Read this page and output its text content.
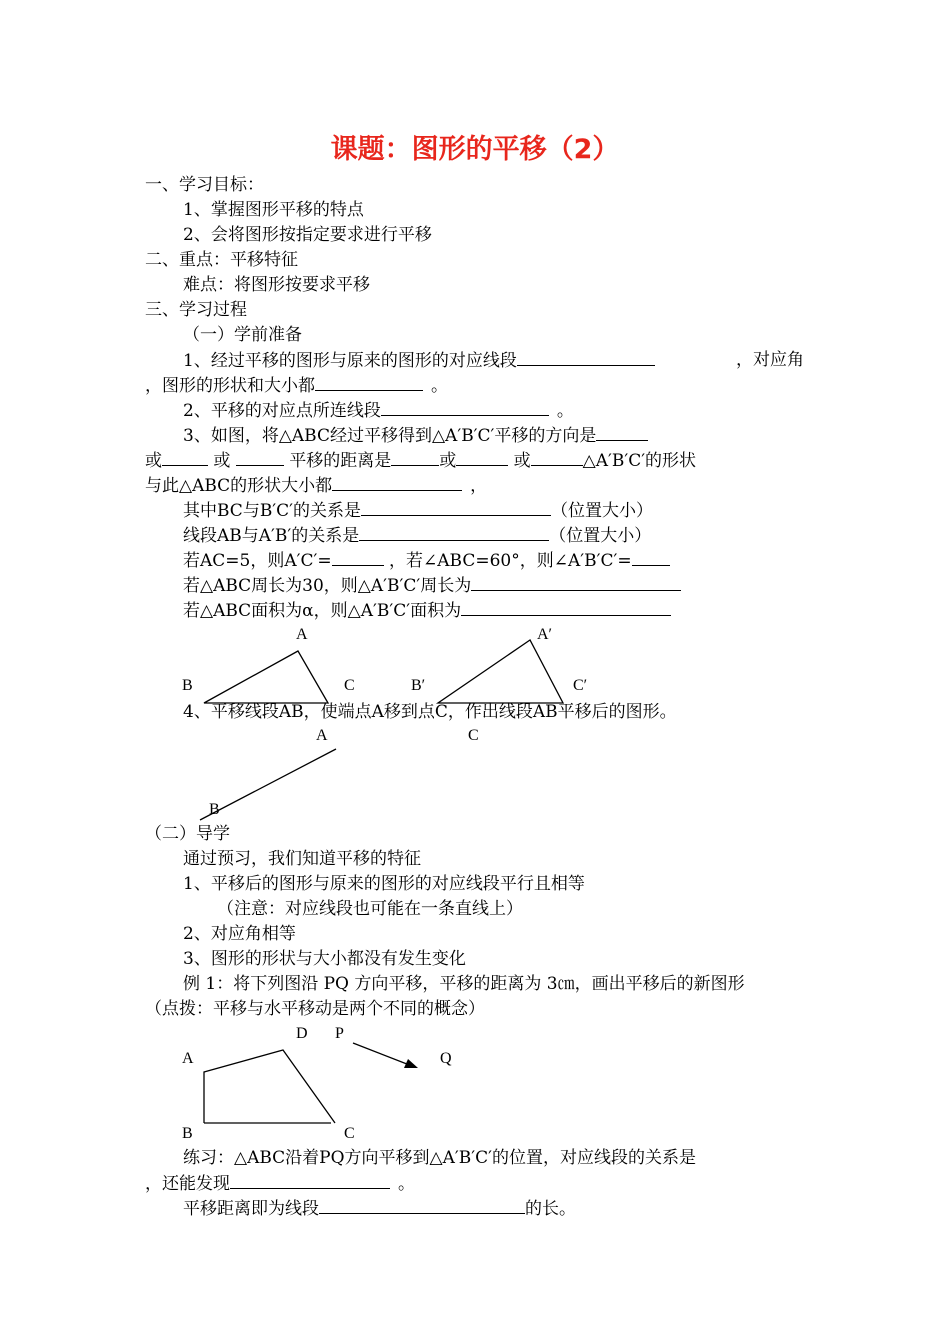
课题：图形的平移（2）
一、学习目标：
1、掌握图形平移的特点
2、会将图形按指定要求进行平移
二、重点：平移特征
难点：将图形按要求平移
三、学习过程
（一）学前准备
1、经过平移的图形与原来的图形的对应线段	，对应角
，图形的形状和大小都	。
2、平移的对应点所连线段	。
3、如图，将△ABC经过平移得到△A′B′C′平移的方向是
或	或	平移的距离是	或	或	△A′B′C′的形状
与此△ABC的形状大小都	，
其中BC与B′C′的关系是	（位置大小）
线段AB与A′B′的关系是	（位置大小）
若AC=5，则A′C′=	，若∠ABC=60°，则∠A′B′C′=
若△ABC周长为30，则△A′B′C′周长为
若△ABC面积为α，则△A′B′C′面积为
A
B	C
A′
B′	C′
4、平移线段AB，使端点A移到点C，作出线段AB平移后的图形。
A	C
B
（二）导学
通过预习，我们知道平移的特征
1、平移后的图形与原来的图形的对应线段平行且相等
（注意：对应线段也可能在一条直线上）
2、对应角相等
3、图形的形状与大小都没有发生变化
例 1：将下列图沿 PQ 方向平移，平移的距离为 3㎝，画出平移后的新图形
（点拨：平移与水平移动是两个不同的概念）
D P
A	Q
B	C
练习：△ABC沿着PQ方向平移到△A′B′C′的位置，对应线段的关系是
，还能发现	。
平移距离即为线段	的长。
